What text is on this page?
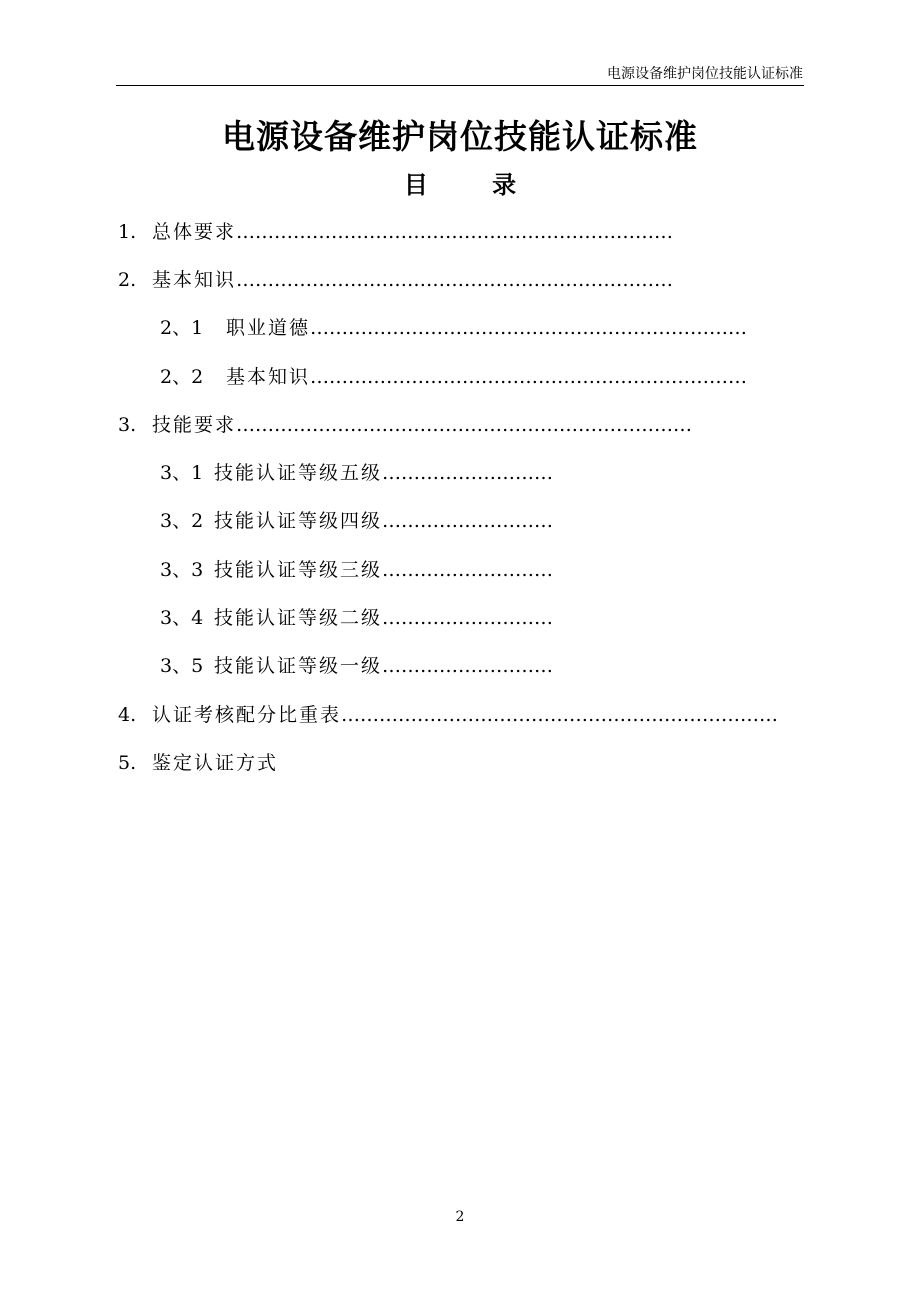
电源设备维护岗位技能认证标准
电源设备维护岗位技能认证标准
目 录
1. 总体要求……………………………………………………………
2. 基本知识……………………………………………………………
2、1 职业道德……………………………………………………………
2、2 基本知识……………………………………………………………
3. 技能要求………………………………………………………………
3、1 技能认证等级五级………………………
3、2 技能认证等级四级………………………
3、3 技能认证等级三级………………………
3、4 技能认证等级二级………………………
3、5 技能认证等级一级………………………
4. 认证考核配分比重表……………………………………………………………
5. 鉴定认证方式
2
